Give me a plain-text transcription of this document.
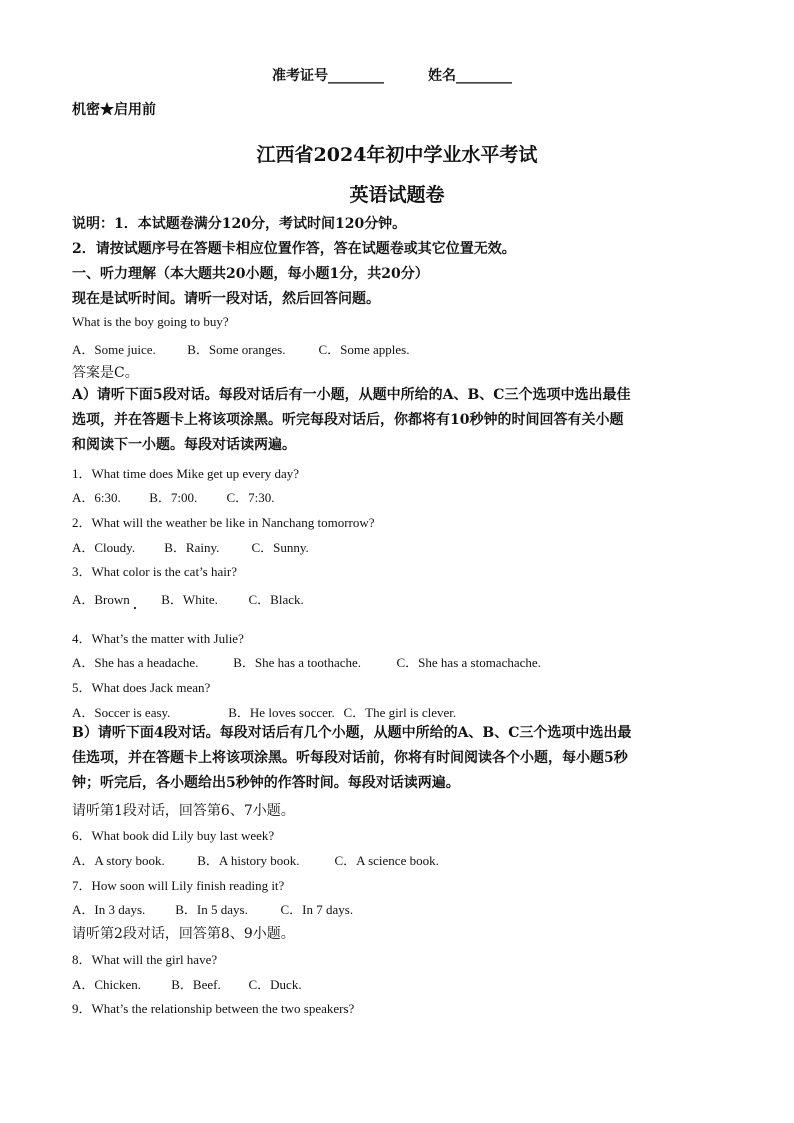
准考证号________	姓名________
机密★启用前
江西省2024年初中学业水平考试
英语试题卷
说明：1．本试题卷满分120分，考试时间120分钟。
2．请按试题序号在答题卡相应位置作答，答在试题卷或其它位置无效。
一、听力理解（本大题共20小题，每小题1分，共20分）
现在是试听时间。请听一段对话，然后回答问题。
What is the boy going to buy?
A．Some juice. B．Some oranges.	C．Some apples.
答案是C。
A）请听下面5段对话。每段对话后有一小题，从题中所给的A、B、C三个选项中选出最佳
选项，并在答题卡上将该项涂黑。听完每段对话后，你都将有10秒钟的时间回答有关小题
和阅读下一小题。每段对话读两遍。
1．What time does Mike get up every day?
A．6:30. B．7:00. C．7:30.
2．What will the weather be like in Nanchang tomorrow?
A．Cloudy. B．Rainy. C．Sunny.
3．What color is the cat’s hair?
A．Brown B．White. C．Black.
4．What’s the matter with Julie?
A．She has a headache.	B．She has a toothache.	C．She has a stomachache.
5．What does Jack mean?
A．Soccer is easy.	B．He loves soccer. C．The girl is clever.
B）请听下面4段对话。每段对话后有几个小题，从题中所给的A、B、C三个选项中选出最
佳选项，并在答题卡上将该项涂黑。听每段对话前，你将有时间阅读各个小题，每小题5秒
钟；听完后，各小题给出5秒钟的作答时间。每段对话读两遍。
请听第1段对话，回答第6、7小题。
6．What book did Lily buy last week?
A．A story book. B．A history book.	C．A science book.
7．How soon will Lily finish reading it?
A．In 3 days. B．In 5 days.	C．In 7 days.
请听第2段对话，回答第8、9小题。
8．What will the girl have?
A．Chicken. B．Beef. C．Duck.
9．What’s the relationship between the two speakers?
